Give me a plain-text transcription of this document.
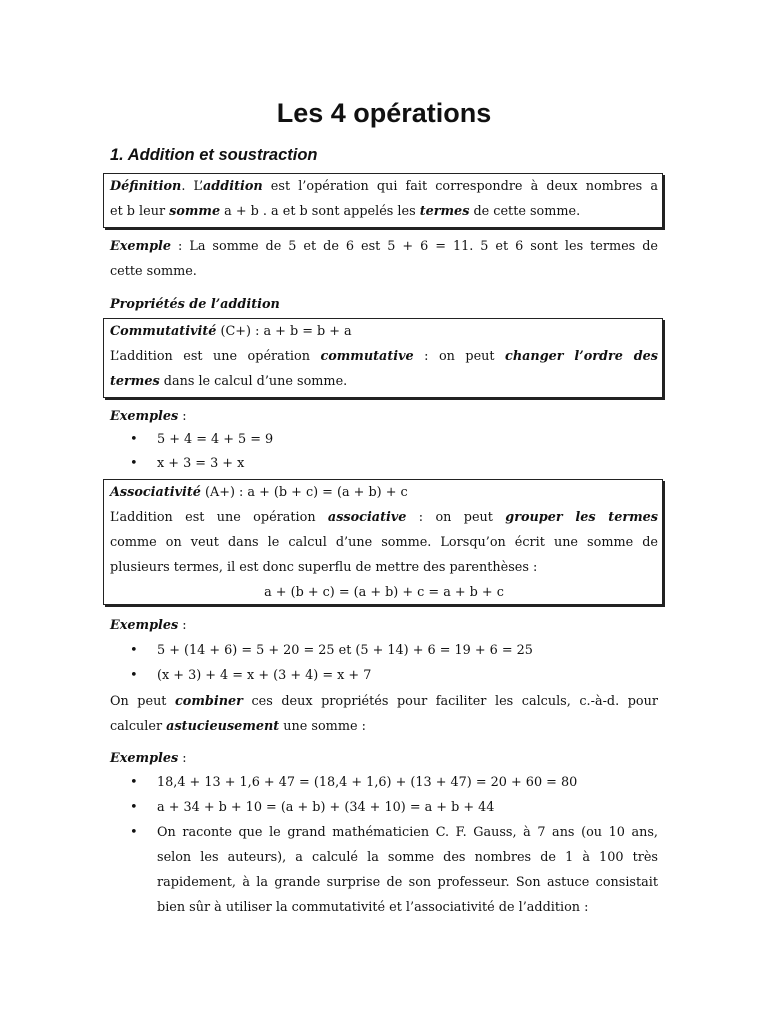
Les 4 opérations
1. Addition et soustraction
Définition. L’addition est l’opération qui fait correspondre à deux nombres a
et b leur somme a + b . a et b sont appelés les termes de cette somme.
Exemple : La somme de 5 et de 6 est 5 + 6 = 11. 5 et 6 sont les termes de
cette somme.
Propriétés de l’addition
Commutativité (C+) : a + b = b + a
L’addition est une opération commutative : on peut changer l’ordre des
termes dans le calcul d’une somme.
Exemples :
• 5 + 4 = 4 + 5 = 9
• x + 3 = 3 + x
Associativité (A+) : a + (b + c) = (a + b) + c
L’addition est une opération associative : on peut grouper les termes
comme on veut dans le calcul d’une somme. Lorsqu’on écrit une somme de
plusieurs termes, il est donc superflu de mettre des parenthèses :
a + (b + c) = (a + b) + c = a + b + c
Exemples :
• 5 + (14 + 6) = 5 + 20 = 25 et (5 + 14) + 6 = 19 + 6 = 25
• (x + 3) + 4 = x + (3 + 4) = x + 7
On peut combiner ces deux propriétés pour faciliter les calculs, c.-à-d. pour
calculer astucieusement une somme :
Exemples :
• 18,4 + 13 + 1,6 + 47 = (18,4 + 1,6) + (13 + 47) = 20 + 60 = 80
• a + 34 + b + 10 = (a + b) + (34 + 10) = a + b + 44
• On raconte que le grand mathématicien C. F. Gauss, à 7 ans (ou 10 ans,
selon les auteurs), a calculé la somme des nombres de 1 à 100 très
rapidement, à la grande surprise de son professeur. Son astuce consistait
bien sûr à utiliser la commutativité et l’associativité de l’addition :
